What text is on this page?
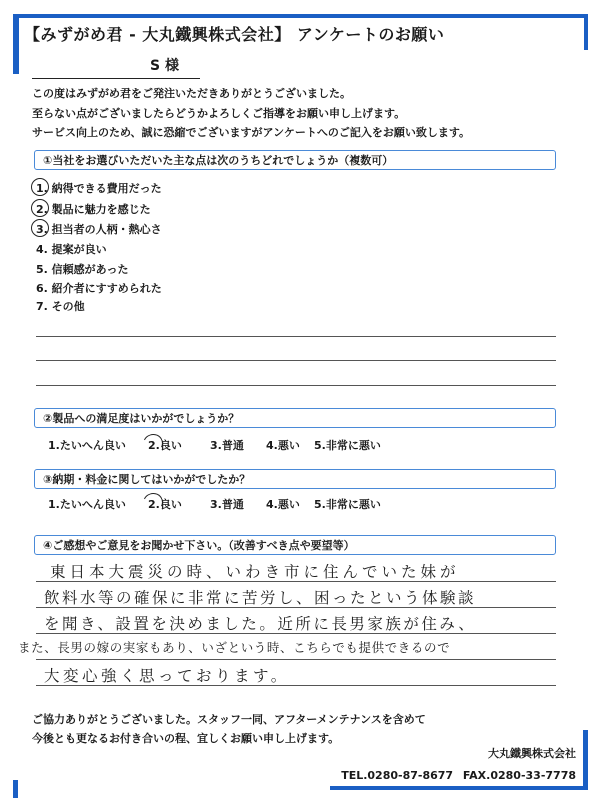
【みずがめ君 - 大丸鐵興株式会社】 アンケートのお願い
S 様
この度はみずがめ君をご発注いただきありがとうございました。
至らない点がございましたらどうかよろしくご指導をお願い申し上げます。
サービス向上のため、誠に恐縮でございますがアンケートへのご記入をお願い致します。
①当社をお選びいただいた主な点は次のうちどれでしょうか（複数可）
1. 納得できる費用だった
2. 製品に魅力を感じた
3. 担当者の人柄・熱心さ
4. 提案が良い
5. 信頼感があった
6. 紹介者にすすめられた
7. その他
②製品への満足度はいかがでしょうか？
1.たいへん良い 2.良い	3.普通 4.悪い 5.非常に悪い
③納期・料金に関してはいかがでしたか？
1.たいへん良い 2.良い	3.普通 4.悪い 5.非常に悪い
④ご感想やご意見をお聞かせ下さい。（改善すべき点や要望等）
東日本大震災の時、いわき市に住んでいた妹が
飲料水等の確保に非常に苦労し、困ったという体験談
を聞き、設置を決めました。近所に長男家族が住み、
また、長男の嫁の実家もあり、いざという時、こちらでも提供できるので
大変心強く思っております。
ご協力ありがとうございました。スタッフ一同、アフターメンテナンスを含めて
今後とも更なるお付き合いの程、宜しくお願い申し上げます。
大丸鐵興株式会社
TEL.0280-87-8677 FAX.0280-33-7778
